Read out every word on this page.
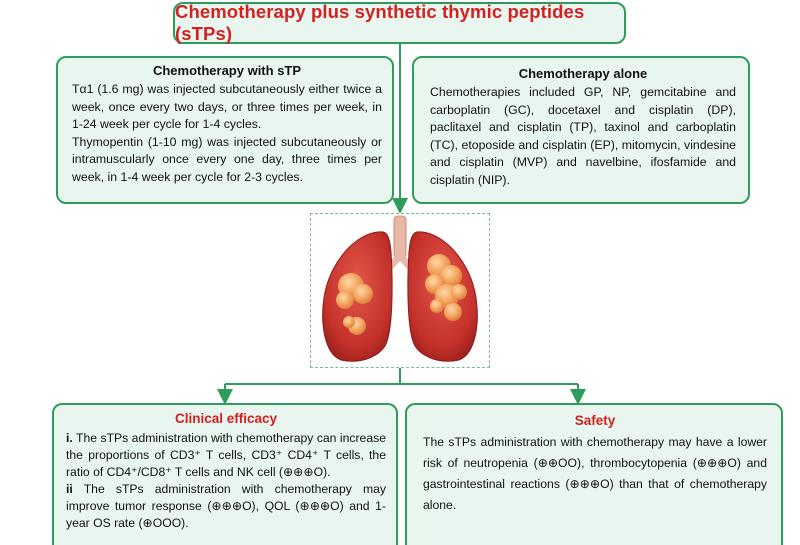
Chemotherapy plus synthetic thymic peptides (sTPs)
Chemotherapy with sTP

Tα1 (1.6 mg) was injected subcutaneously either twice a week, once every two days, or three times per week, in 1-24 week per cycle for 1-4 cycles.

Thymopentin (1-10 mg) was injected subcutaneously or intramuscularly once every one day, three times per week, in 1-4 week per cycle for 2-3 cycles.

Chemotherapy alone

Chemotherapies included GP, NP, gemcitabine and carboplatin (GC), docetaxel and cisplatin (DP), paclitaxel and cisplatin (TP), taxinol and carboplatin (TC), etoposide and cisplatin (EP), mitomycin, vindesine and cisplatin (MVP) and navelbine, ifosfamide and cisplatin (NIP).

Clinical efficacy

i. The sTPs administration with chemotherapy can increase the proportions of CD3⁺ T cells, CD3⁺ CD4⁺ T cells, the ratio of CD4⁺/CD8⁺ T cells and NK cell (⊕⊕⊕O).

ii The sTPs administration with chemotherapy may improve tumor response (⊕⊕⊕O), QOL (⊕⊕⊕O) and 1-year OS rate (⊕OOO).

Safety

The sTPs administration with chemotherapy may have a lower risk of neutropenia (⊕⊕OO), thrombocytopenia (⊕⊕⊕O) and gastrointestinal reactions (⊕⊕⊕O) than that of chemotherapy alone.
